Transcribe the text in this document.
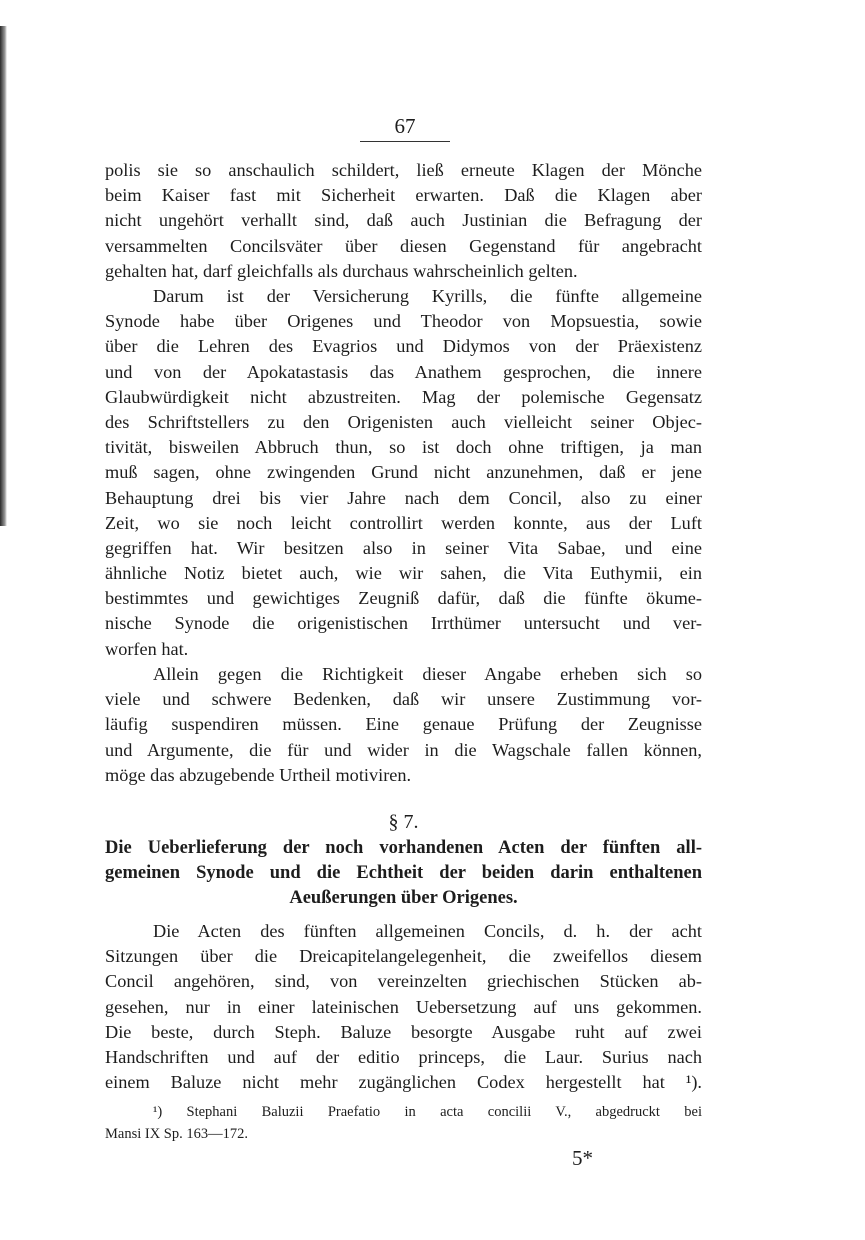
67
polis sie so anschaulich schildert, ließ erneute Klagen der Mönche
beim Kaiser fast mit Sicherheit erwarten. Daß die Klagen aber
nicht ungehört verhallt sind, daß auch Justinian die Befragung der
versammelten Concilsväter über diesen Gegenstand für angebracht
gehalten hat, darf gleichfalls als durchaus wahrscheinlich gelten.
Darum ist der Versicherung Kyrills, die fünfte allgemeine
Synode habe über Origenes und Theodor von Mopsuestia, sowie
über die Lehren des Evagrios und Didymos von der Präexistenz
und von der Apokatastasis das Anathem gesprochen, die innere
Glaubwürdigkeit nicht abzustreiten. Mag der polemische Gegensatz
des Schriftstellers zu den Origenisten auch vielleicht seiner Objec-
tivität, bisweilen Abbruch thun, so ist doch ohne triftigen, ja man
muß sagen, ohne zwingenden Grund nicht anzunehmen, daß er jene
Behauptung drei bis vier Jahre nach dem Concil, also zu einer
Zeit, wo sie noch leicht controllirt werden konnte, aus der Luft
gegriffen hat. Wir besitzen also in seiner Vita Sabae, und eine
ähnliche Notiz bietet auch, wie wir sahen, die Vita Euthymii, ein
bestimmtes und gewichtiges Zeugniß dafür, daß die fünfte ökume-
nische Synode die origenistischen Irrthümer untersucht und ver-
worfen hat.
Allein gegen die Richtigkeit dieser Angabe erheben sich so
viele und schwere Bedenken, daß wir unsere Zustimmung vor-
läufig suspendiren müssen. Eine genaue Prüfung der Zeugnisse
und Argumente, die für und wider in die Wagschale fallen können,
möge das abzugebende Urtheil motiviren.
§ 7.
Die Ueberlieferung der noch vorhandenen Acten der fünften all-
gemeinen Synode und die Echtheit der beiden darin enthaltenen
Aeußerungen über Origenes.
Die Acten des fünften allgemeinen Concils, d. h. der acht
Sitzungen über die Dreicapitelangelegenheit, die zweifellos diesem
Concil angehören, sind, von vereinzelten griechischen Stücken ab-
gesehen, nur in einer lateinischen Uebersetzung auf uns gekommen.
Die beste, durch Steph. Baluze besorgte Ausgabe ruht auf zwei
Handschriften und auf der editio princeps, die Laur. Surius nach
einem Baluze nicht mehr zugänglichen Codex hergestellt hat ¹).
¹) Stephani Baluzii Praefatio in acta concilii V., abgedruckt bei
Mansi IX Sp. 163—172.
5*
